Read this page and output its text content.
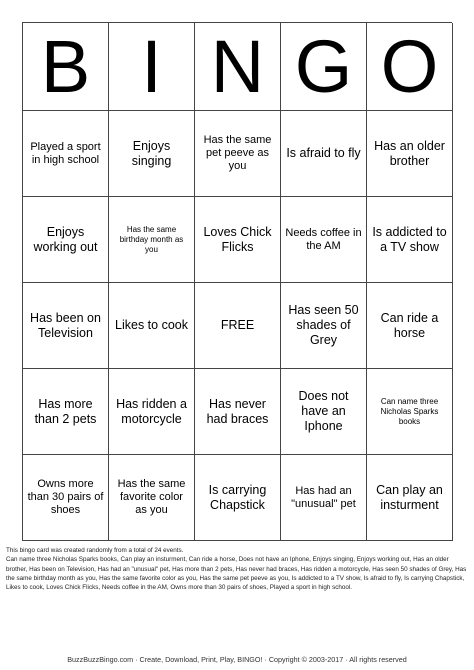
B I N G O
Played a sport in high school
Enjoys singing
Has the same pet peeve as you
Is afraid to fly
Has an older brother
Enjoys working out
Has the same birthday month as you
Loves Chick Flicks
Needs coffee in the AM
Is addicted to a TV show
Has been on Television
Likes to cook	FREE
Has seen 50 shades of Grey
Can ride a horse
Has more than 2 pets
Has ridden a motorcycle
Has never had braces
Does not have an Iphone
Can name three Nicholas Sparks books
Owns more than 30 pairs of shoes
Has the same favorite color as you
Is carrying Chapstick
Has had an "unusual" pet
Can play an insturment
This bingo card was created randomly from a total of 24 events.
Can name three Nicholas Sparks books, Can play an insturment, Can ride a horse, Does not have an Iphone, Enjoys singing, Enjoys working out, Has an older brother, Has been on Television, Has had an "unusual" pet, Has more than 2 pets, Has never had braces, Has ridden a motorcycle, Has seen 50 shades of Grey, Has the same birthday month as you, Has the same favorite color as you, Has the same pet peeve as you, Is addicted to a TV show, Is afraid to fly, Is carrying Chapstick, Likes to cook, Loves Chick Flicks, Needs coffee in the AM, Owns more than 30 pairs of shoes, Played a sport in high school.
BuzzBuzzBingo.com · Create, Download, Print, Play, BINGO! · Copyright © 2003-2017 · All rights reserved
